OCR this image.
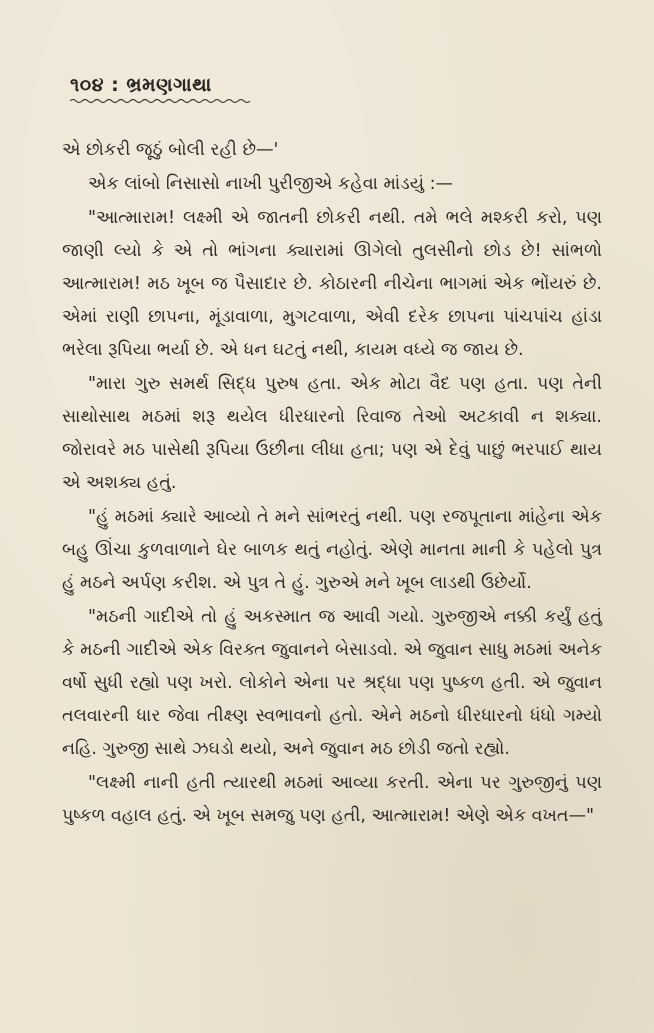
૧૦૪ : ભ્રમણગાથા

એ છોકરી જૂઠું બોલી રહી છે—'

એક લાંબો નિસાસો નાખી પુરીજીએ કહેવા માંડયું :—

"આત્મારામ! લક્ષ્મી એ જાતની છોકરી નથી. તમે ભલે મશ્કરી કરો, પણ જાણી લ્યો કે એ તો ભાંગના ક્યારામાં ઊગેલો તુલસીનો છોડ છે! સાંભળો આત્મારામ! મઠ ખૂબ જ પૈસાદાર છે. કોઠારની નીચેના ભાગમાં એક ભોંયરું છે. એમાં રાણી છાપના, મૂંડાવાળા, મુગટવાળા, એવી દરેક છાપના પાંચપાંચ હાંડા ભરેલા રૂપિયા ભર્યા છે. એ ધન ઘટતું નથી, કાયમ વધ્યે જ જાય છે.

"મારા ગુરુ સમર્થ સિદ્ધ પુરુષ હતા. એક મોટા વૈદ પણ હતા. પણ તેની સાથોસાથ મઠમાં શરૂ થયેલ ધીરધારનો રિવાજ તેઓ અટકાવી ન શક્યા. જોરાવરે મઠ પાસેથી રૂપિયા ઉછીના લીધા હતા; પણ એ દેવું પાછું ભરપાઈ થાય એ અશક્ય હતું.

"હું મઠમાં ક્યારે આવ્યો તે મને સાંભરતું નથી. પણ રજપૂતાના માંહેના એક બહુ ઊંચા કુળવાળાને ઘેર બાળક થતું નહોતું. એણે માનતા માની કે પહેલો પુત્ર હું મઠને અર્પણ કરીશ. એ પુત્ર તે હું. ગુરુએ મને ખૂબ લાડથી ઉછેર્યો.

"મઠની ગાદીએ તો હું અકસ્માત જ આવી ગયો. ગુરુજીએ નક્કી કર્યું હતું કે મઠની ગાદીએ એક વિરક્ત જુવાનને બેસાડવો. એ જુવાન સાધુ મઠમાં અનેક વર્ષો સુધી રહ્યો પણ ખરો. લોકોને એના પર શ્રદ્ધા પણ પુષ્કળ હતી. એ જુવાન તલવારની ધાર જેવા તીક્ષ્ણ સ્વભાવનો હતો. એને મઠનો ધીરધારનો ધંધો ગમ્યો નહિ. ગુરુજી સાથે ઝઘડો થયો, અને જુવાન મઠ છોડી જતો રહ્યો.

"લક્ષ્મી નાની હતી ત્યારથી મઠમાં આવ્યા કરતી. એના પર ગુરુજીનું પણ પુષ્કળ વહાલ હતું. એ ખૂબ સમજુ પણ હતી, આત્મારામ! એણે એક વખત—"
